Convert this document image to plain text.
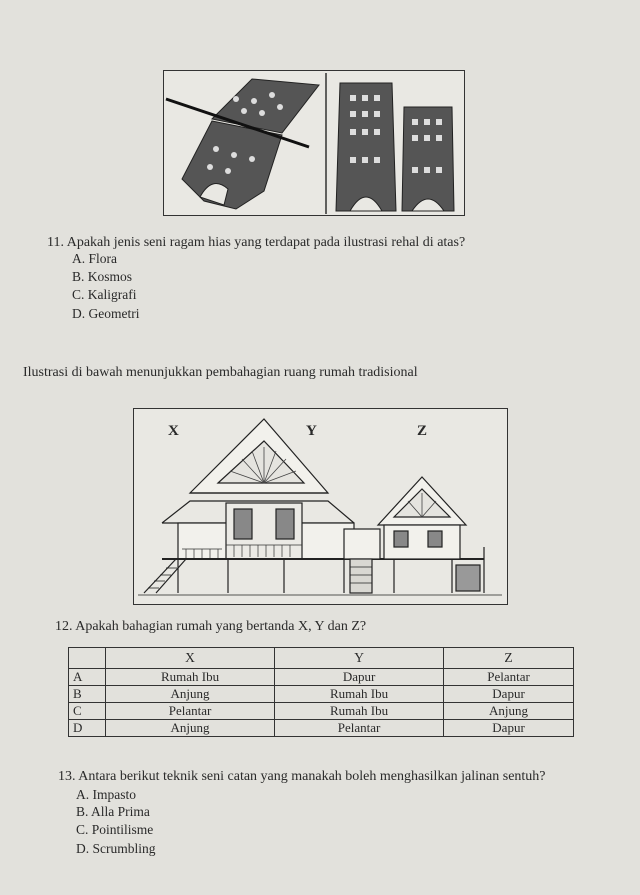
11. Apakah jenis seni ragam hias yang terdapat pada ilustrasi rehal di atas?
A. Flora
B. Kosmos
C. Kaligrafi
D. Geometri
Ilustrasi di bawah menunjukkan pembahagian ruang rumah tradisional
X	Y	Z
12. Apakah bahagian rumah yang bertanda X, Y dan Z?
	X	Y	Z
A	Rumah Ibu	Dapur	Pelantar
B	Anjung	Rumah Ibu	Dapur
C	Pelantar	Rumah Ibu	Anjung
D	Anjung	Pelantar	Dapur
13. Antara berikut teknik seni catan yang manakah boleh menghasilkan jalinan sentuh?
A. Impasto
B. Alla Prima
C. Pointilisme
D. Scrumbling
